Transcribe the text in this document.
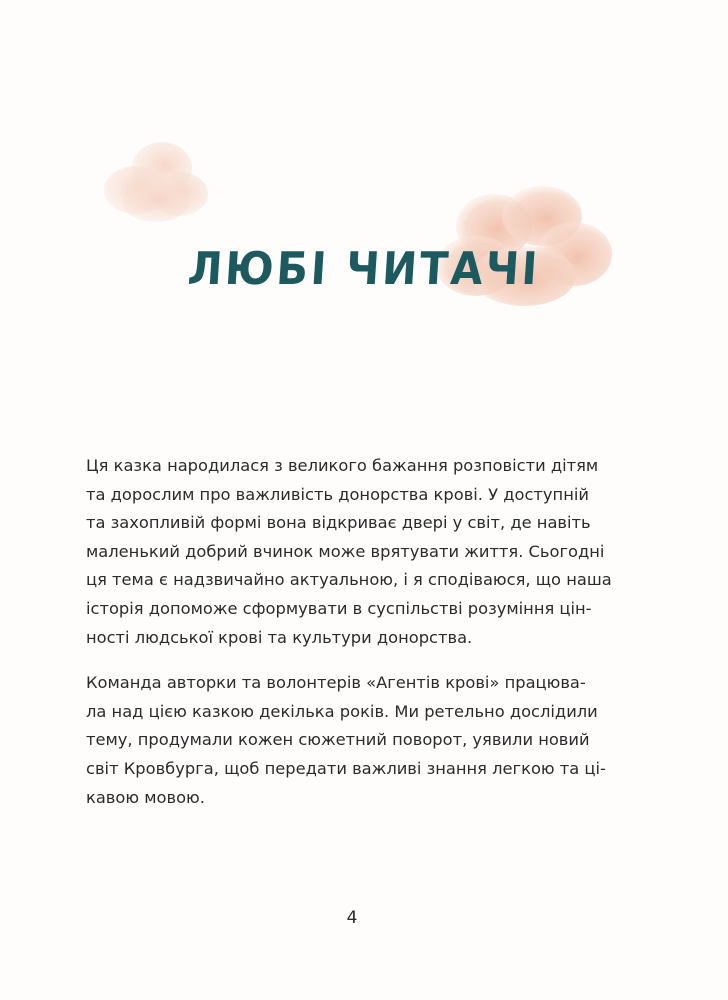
ЛЮБІ ЧИТАЧІ

Ця казка народилася з великого бажання розповісти дітям
та дорослим про важливість донорства крові. У доступній
та захопливій формі вона відкриває двері у світ, де навіть
маленький добрий вчинок може врятувати життя. Сьогодні
ця тема є надзвичайно актуальною, і я сподіваюся, що наша
історія допоможе сформувати в суспільстві розуміння цін-
ності людської крові та культури донорства.

Команда авторки та волонтерів «Агентів крові» працюва-
ла над цією казкою декілька років. Ми ретельно дослідили
тему, продумали кожен сюжетний поворот, уявили новий
світ Кровбурга, щоб передати важливі знання легкою та ці-
кавою мовою.

4
